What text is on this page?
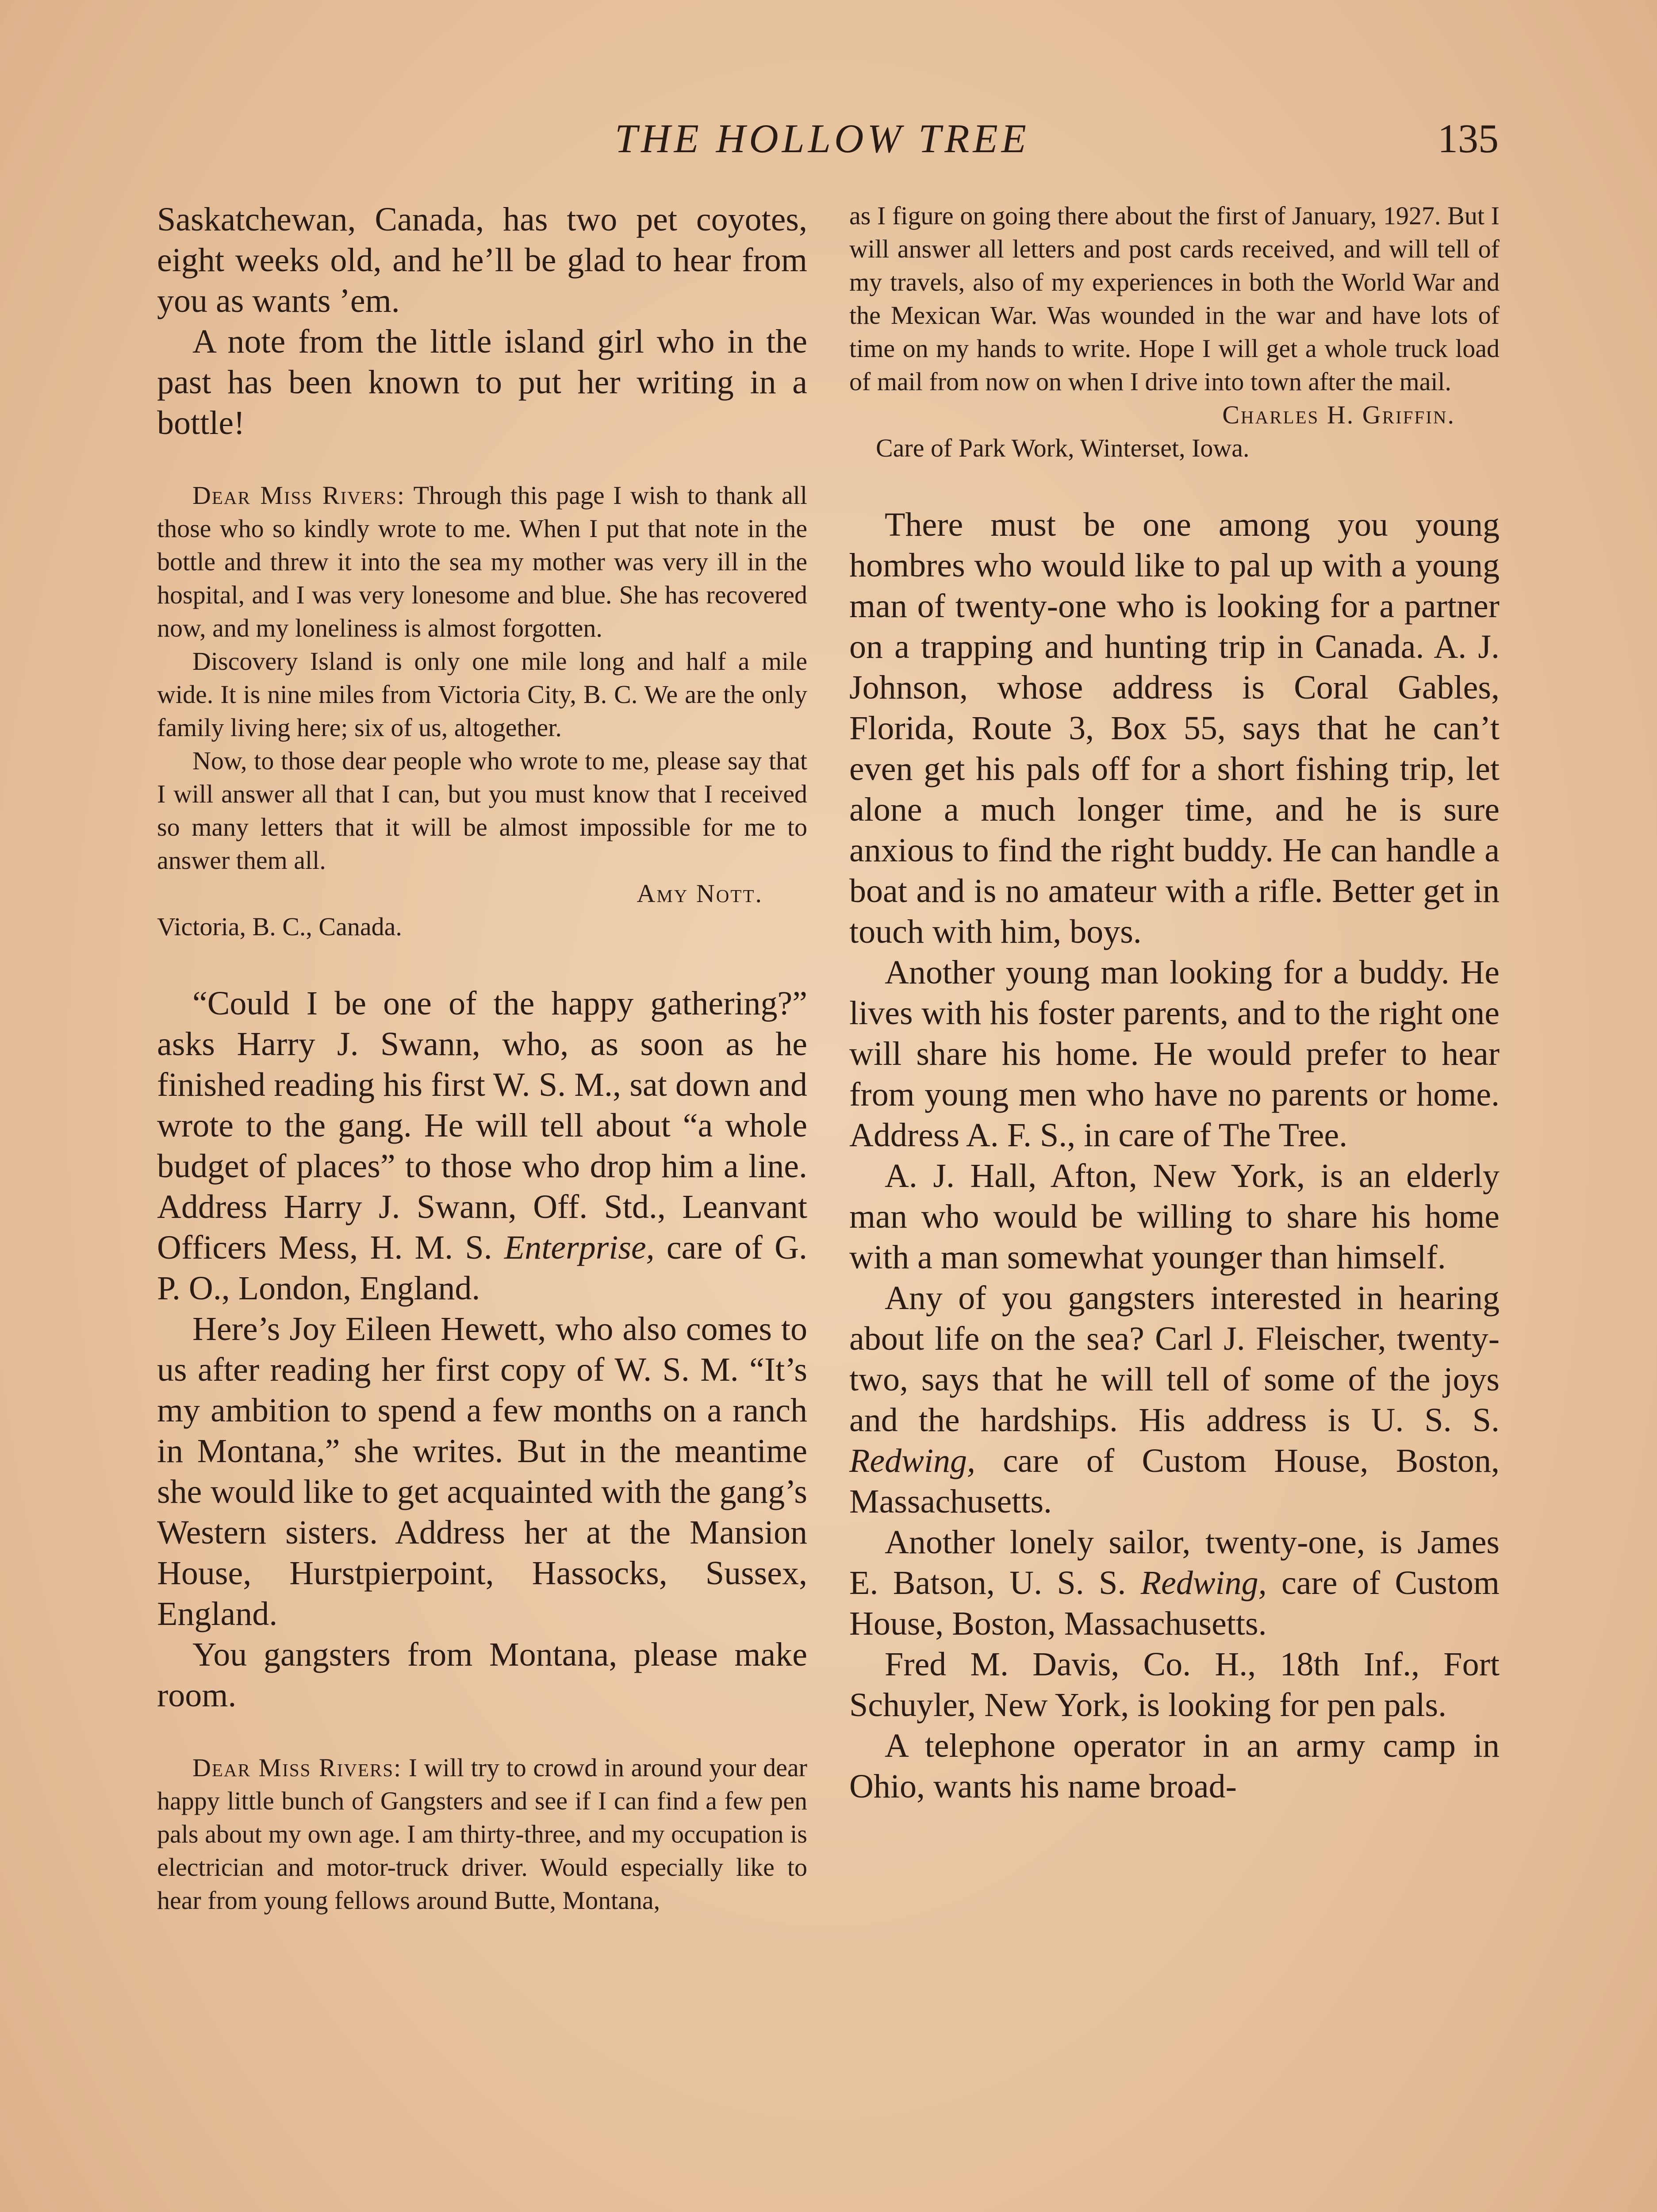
THE HOLLOW TREE	135

Saskatchewan, Canada, has two pet coyotes, eight weeks old, and he’ll be glad to hear from you as wants ’em.

A note from the little island girl who in the past has been known to put her writing in a bottle!

Dear Miss Rivers: Through this page I wish to thank all those who so kindly wrote to me. When I put that note in the bottle and threw it into the sea my mother was very ill in the hospital, and I was very lonesome and blue. She has recovered now, and my loneliness is almost forgotten.

Discovery Island is only one mile long and half a mile wide. It is nine miles from Victoria City, B. C. We are the only family living here; six of us, altogether.

Now, to those dear people who wrote to me, please say that I will answer all that I can, but you must know that I received so many letters that it will be almost impossible for me to answer them all.

Amy Nott.

Victoria, B. C., Canada.

“Could I be one of the happy gathering?” asks Harry J. Swann, who, as soon as he finished reading his first W. S. M., sat down and wrote to the gang. He will tell about “a whole budget of places” to those who drop him a line. Address Harry J. Swann, Off. Std., Leanvant Officers Mess, H. M. S. Enterprise, care of G. P. O., London, England.

Here’s Joy Eileen Hewett, who also comes to us after reading her first copy of W. S. M. “It’s my ambition to spend a few months on a ranch in Montana,” she writes. But in the meantime she would like to get acquainted with the gang’s Western sisters. Address her at the Mansion House, Hurstpierpoint, Hassocks, Sussex, England.

You gangsters from Montana, please make room.

Dear Miss Rivers: I will try to crowd in around your dear happy little bunch of Gangsters and see if I can find a few pen pals about my own age. I am thirty-three, and my occupation is electrician and motor-truck driver. Would especially like to hear from young fellows around Butte, Montana,

as I figure on going there about the first of January, 1927. But I will answer all letters and post cards received, and will tell of my travels, also of my experiences in both the World War and the Mexican War. Was wounded in the war and have lots of time on my hands to write. Hope I will get a whole truck load of mail from now on when I drive into town after the mail.

Charles H. Griffin.

Care of Park Work, Winterset, Iowa.

There must be one among you young hombres who would like to pal up with a young man of twenty-one who is looking for a partner on a trapping and hunting trip in Canada. A. J. Johnson, whose address is Coral Gables, Florida, Route 3, Box 55, says that he can’t even get his pals off for a short fishing trip, let alone a much longer time, and he is sure anxious to find the right buddy. He can handle a boat and is no amateur with a rifle. Better get in touch with him, boys.

Another young man looking for a buddy. He lives with his foster parents, and to the right one will share his home. He would prefer to hear from young men who have no parents or home. Address A. F. S., in care of The Tree.

A. J. Hall, Afton, New York, is an elderly man who would be willing to share his home with a man somewhat younger than himself.

Any of you gangsters interested in hearing about life on the sea? Carl J. Fleischer, twenty-two, says that he will tell of some of the joys and the hardships. His address is U. S. S. Redwing, care of Custom House, Boston, Massachusetts.

Another lonely sailor, twenty-one, is James E. Batson, U. S. S. Redwing, care of Custom House, Boston, Massachusetts.

Fred M. Davis, Co. H., 18th Inf., Fort Schuyler, New York, is looking for pen pals.

A telephone operator in an army camp in Ohio, wants his name broad-
